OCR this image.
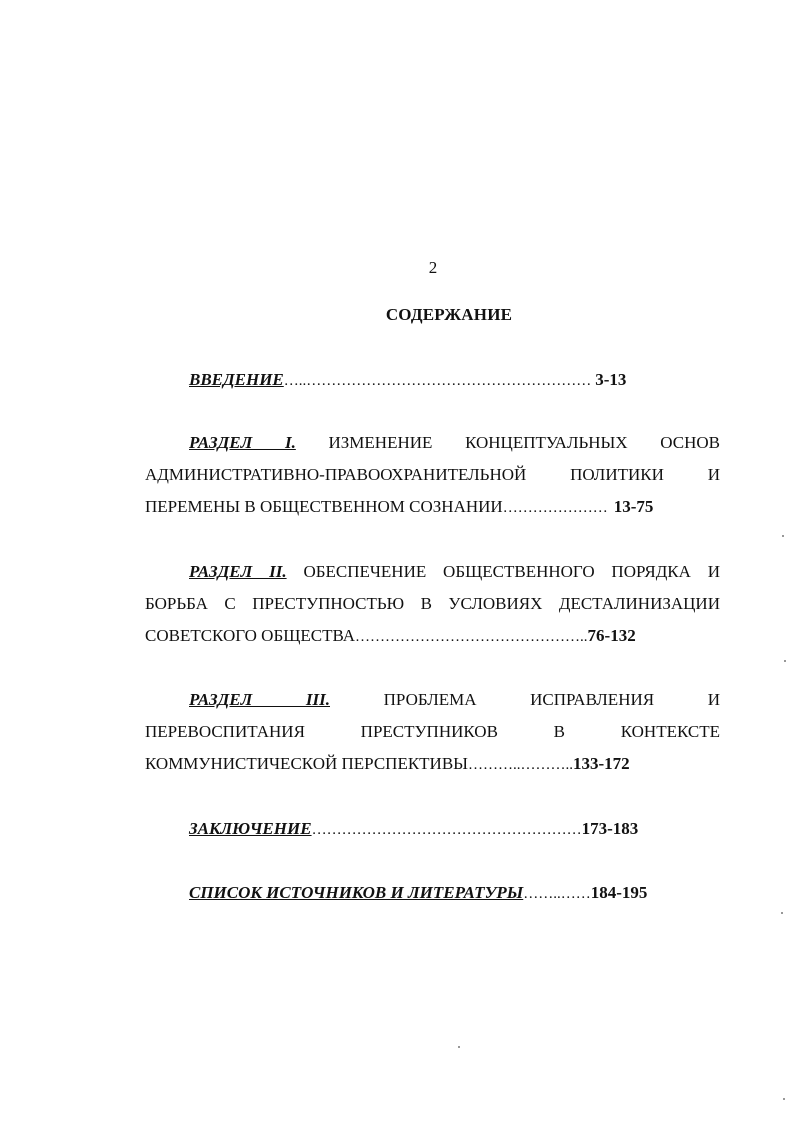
2
СОДЕРЖАНИЕ
ВВЕДЕНИЕ …..………………………………………………… 3-13
РАЗДЕЛ I. ИЗМЕНЕНИЕ КОНЦЕПТУАЛЬНЫХ ОСНОВ
АДМИНИСТРАТИВНО-ПРАВООХРАНИТЕЛЬНОЙ ПОЛИТИКИ И
ПЕРЕМЕНЫ В ОБЩЕСТВЕННОМ СОЗНАНИИ ………………… 13-75
РАЗДЕЛ II. ОБЕСПЕЧЕНИЕ ОБЩЕСТВЕННОГО ПОРЯДКА И
БОРЬБА С ПРЕСТУПНОСТЬЮ В УСЛОВИЯХ ДЕСТАЛИНИЗАЦИИ
СОВЕТСКОГО ОБЩЕСТВА ……………………………………….. 76-132
РАЗДЕЛ III.	ПРОБЛЕМА ИСПРАВЛЕНИЯ И
ПЕРЕВОСПИТАНИЯ ПРЕСТУПНИКОВ В КОНТЕКСТЕ
КОММУНИСТИЧЕСКОЙ ПЕРСПЕКТИВЫ ………..……….. 133-172
ЗАКЛЮЧЕНИЕ ……………………………………………… 173-183
СПИСОК ИСТОЧНИКОВ И ЛИТЕРАТУРЫ ……..…… 184-195
